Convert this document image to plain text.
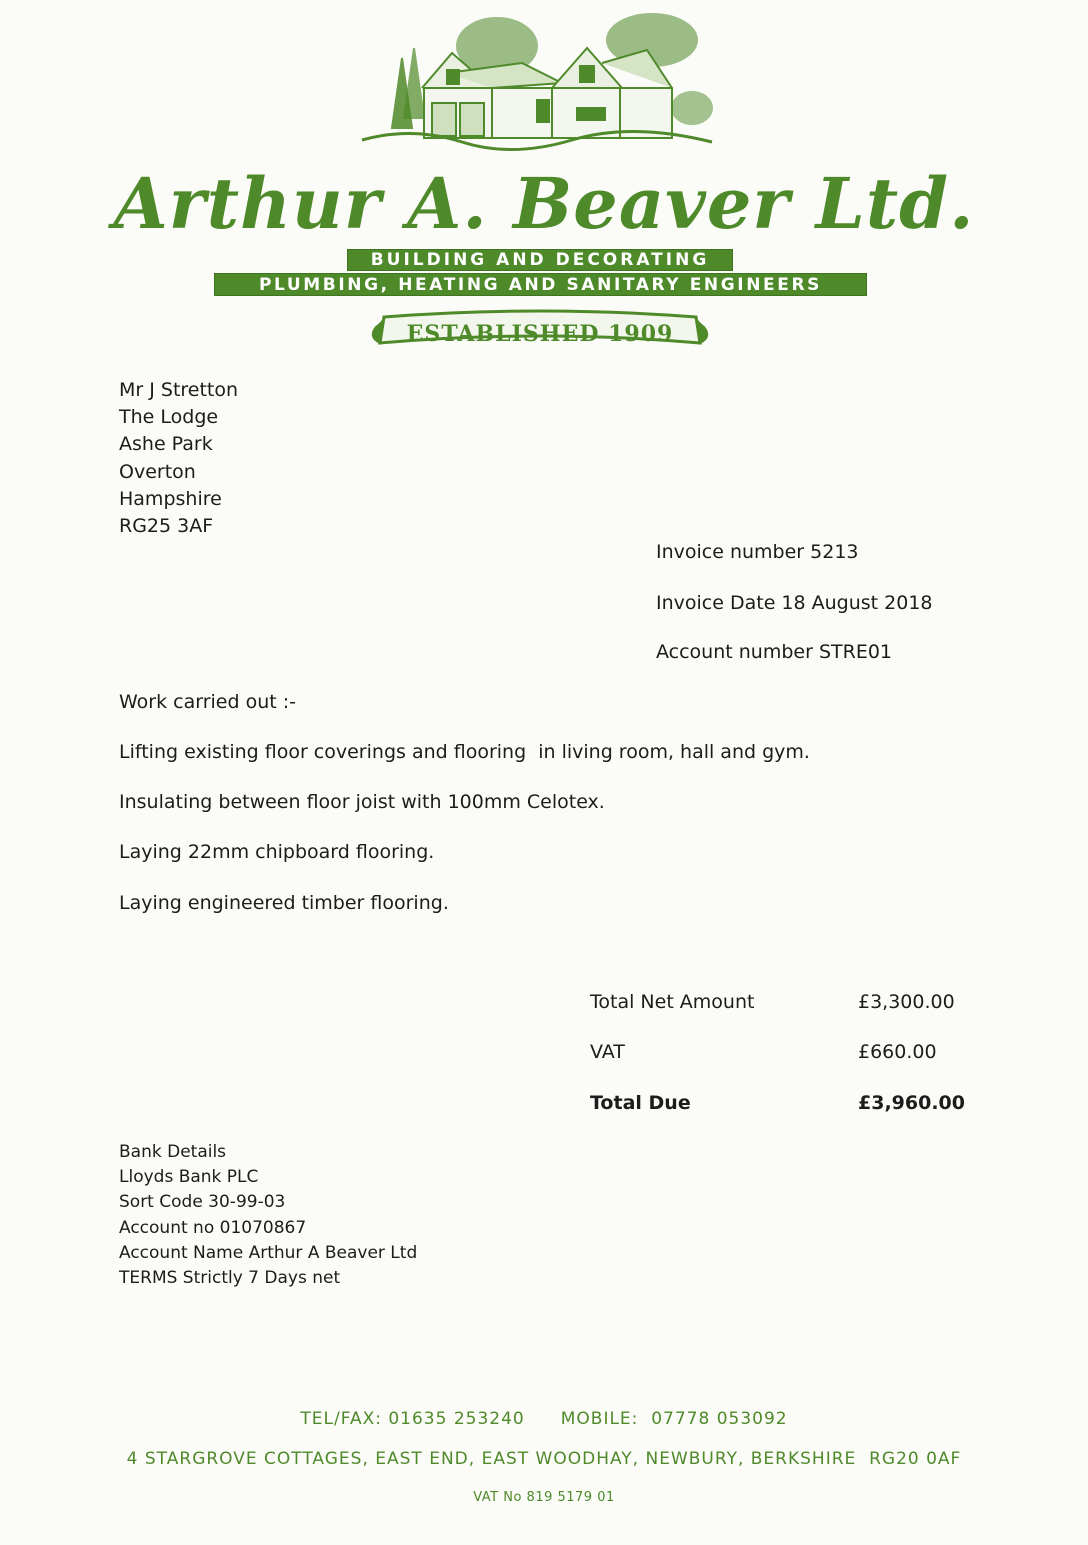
Arthur A. Beaver Ltd.
BUILDING AND DECORATING
PLUMBING, HEATING AND SANITARY ENGINEERS
ESTABLISHED 1909
Mr J Stretton
The Lodge
Ashe Park
Overton
Hampshire
RG25 3AF
Invoice number 5213
Invoice Date 18 August 2018
Account number STRE01
Work carried out :-
Lifting existing floor coverings and flooring  in living room, hall and gym.
Insulating between floor joist with 100mm Celotex.
Laying 22mm chipboard flooring.
Laying engineered timber flooring.
Total Net Amount	£3,300.00
VAT	£660.00
Total Due	£3,960.00
Bank Details
Lloyds Bank PLC
Sort Code 30-99-03
Account no 01070867
Account Name Arthur A Beaver Ltd
TERMS Strictly 7 Days net
TEL/FAX: 01635 253240 MOBILE:  07778 053092
4 STARGROVE COTTAGES, EAST END, EAST WOODHAY, NEWBURY, BERKSHIRE  RG20 0AF
VAT No 819 5179 01
